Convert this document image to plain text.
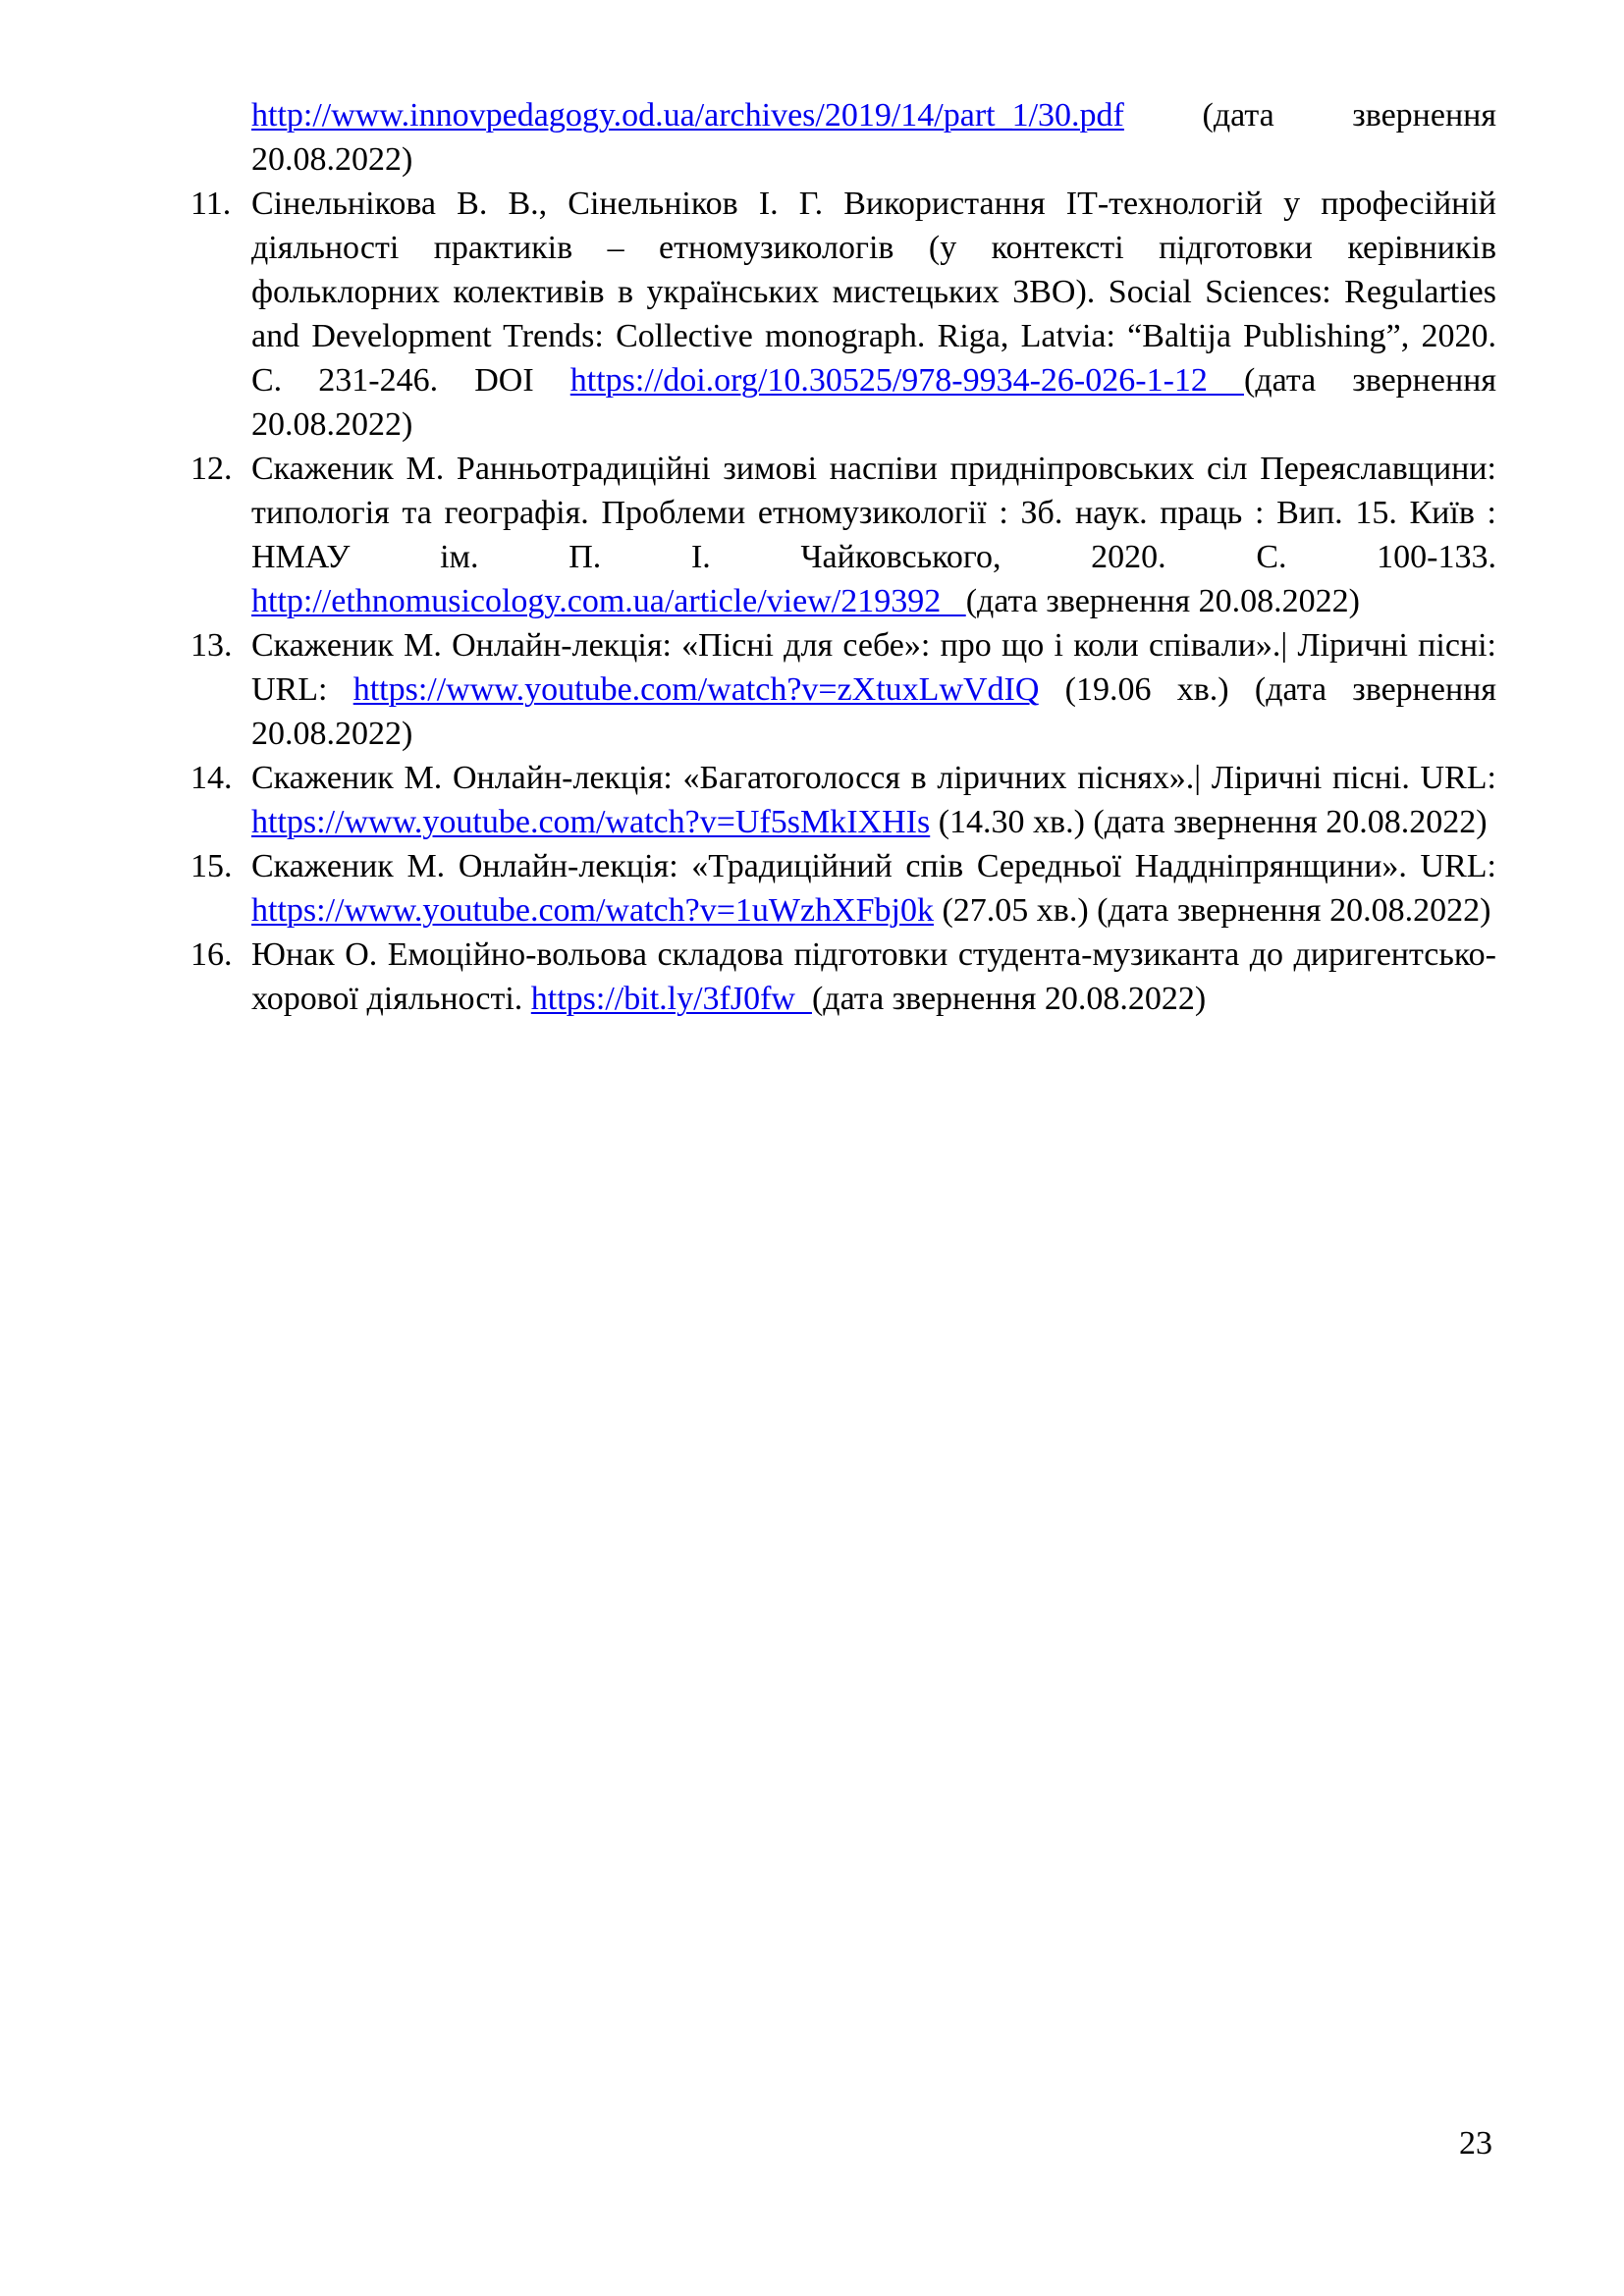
http://www.innovpedagogy.od.ua/archives/2019/14/part_1/30.pdf (дата звернення 20.08.2022)

11. Сінельнікова В. В., Сінельніков І. Г. Використання ІТ-технологій у професійній діяльності практиків – етномузикологів (у контексті підготовки керівників фольклорних колективів в українських мистецьких ЗВО). Social Sciences: Regularties and Development Trends: Collective monograph. Riga, Latvia: “Baltija Publishing”, 2020. С. 231-246. DOI https://doi.org/10.30525/978-9934-26-026-1-12 (дата звернення 20.08.2022)

12. Скаженик М. Ранньотрадиційні зимові наспіви придніпровських сіл Переяславщини: типологія та географія. Проблеми етномузикології : Зб. наук. праць : Вип. 15. Київ : НМАУ ім. П. І. Чайковського, 2020. С. 100-133. http://ethnomusicology.com.ua/article/view/219392   (дата звернення 20.08.2022)

13. Скаженик М. Онлайн-лекція: «Пісні для себе»: про що і коли співали».| Ліричні пісні: URL: https://www.youtube.com/watch?v=zXtuxLwVdIQ (19.06 хв.) (дата звернення 20.08.2022)

14. Скаженик М. Онлайн-лекція: «Багатоголосся в ліричних піснях».| Ліричні пісні. URL: https://www.youtube.com/watch?v=Uf5sMkIXHIs (14.30 хв.) (дата звернення 20.08.2022)

15. Скаженик М. Онлайн-лекція: «Традиційний спів Середньої Наддніпрянщини». URL: https://www.youtube.com/watch?v=1uWzhXFbj0k (27.05 хв.) (дата звернення 20.08.2022)

16. Юнак О. Емоційно-вольова складова підготовки студента-музиканта до диригентсько-хорової діяльності. https://bit.ly/3fJ0fw  (дата звернення 20.08.2022)

23
